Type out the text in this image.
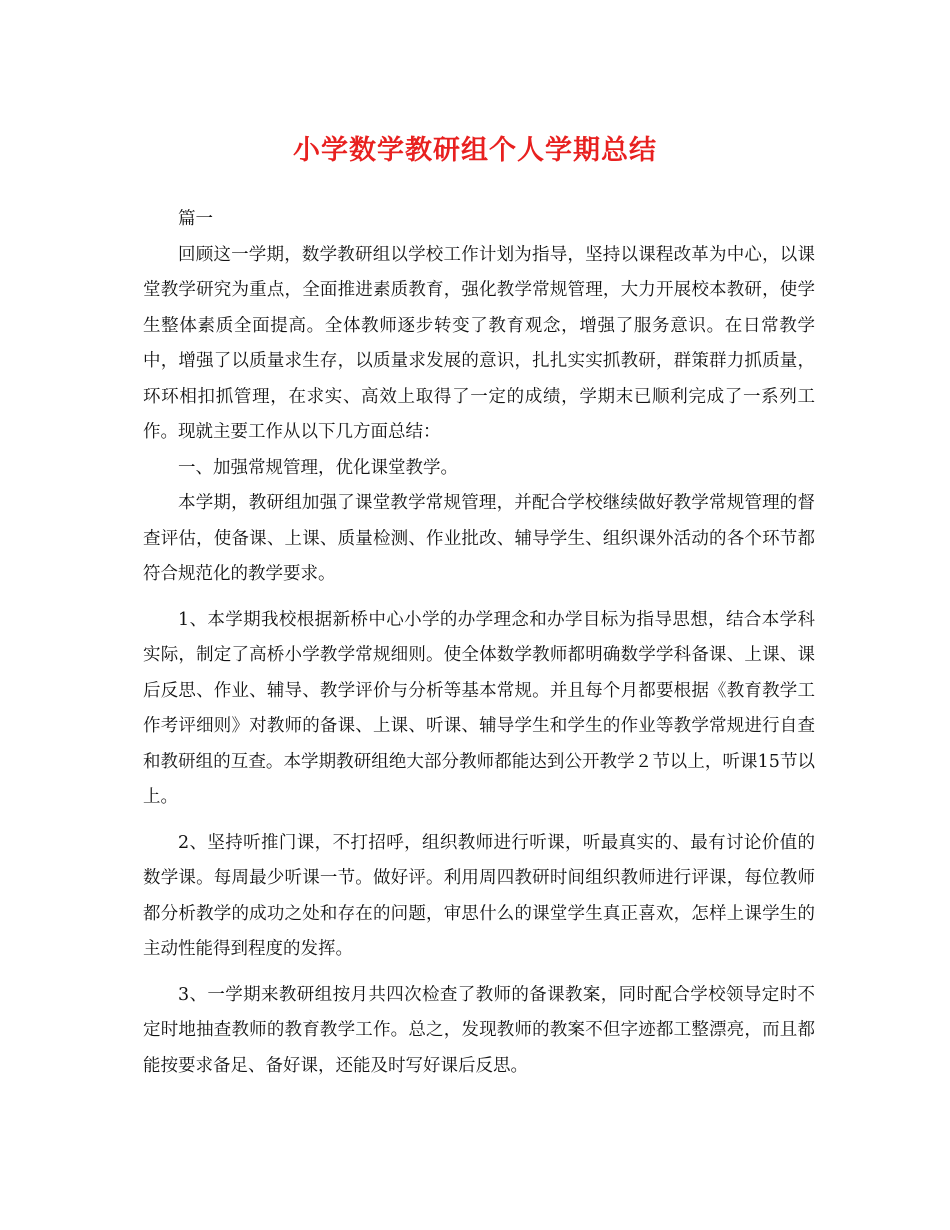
小学数学教研组个人学期总结

篇一

回顾这一学期，数学教研组以学校工作计划为指导，坚持以课程改革为中心，以课堂教学研究为重点，全面推进素质教育，强化教学常规管理，大力开展校本教研，使学生整体素质全面提高。全体教师逐步转变了教育观念，增强了服务意识。在日常教学中，增强了以质量求生存，以质量求发展的意识，扎扎实实抓教研，群策群力抓质量，环环相扣抓管理，在求实、高效上取得了一定的成绩，学期末已顺利完成了一系列工作。现就主要工作从以下几方面总结：

一、加强常规管理，优化课堂教学。

本学期，教研组加强了课堂教学常规管理，并配合学校继续做好教学常规管理的督查评估，使备课、上课、质量检测、作业批改、辅导学生、组织课外活动的各个环节都符合规范化的教学要求。

1、本学期我校根据新桥中心小学的办学理念和办学目标为指导思想，结合本学科实际，制定了高桥小学教学常规细则。使全体数学教师都明确数学学科备课、上课、课后反思、作业、辅导、教学评价与分析等基本常规。并且每个月都要根据《教育教学工作考评细则》对教师的备课、上课、听课、辅导学生和学生的作业等教学常规进行自查和教研组的互查。本学期教研组绝大部分教师都能达到公开教学２节以上，听课15节以上。

2、坚持听推门课，不打招呼，组织教师进行听课，听最真实的、最有讨论价值的数学课。每周最少听课一节。做好评。利用周四教研时间组织教师进行评课，每位教师都分析教学的成功之处和存在的问题，审思什么的课堂学生真正喜欢，怎样上课学生的主动性能得到程度的发挥。

3、一学期来教研组按月共四次检查了教师的备课教案，同时配合学校领导定时不定时地抽查教师的教育教学工作。总之，发现教师的教案不但字迹都工整漂亮，而且都能按要求备足、备好课，还能及时写好课后反思。
